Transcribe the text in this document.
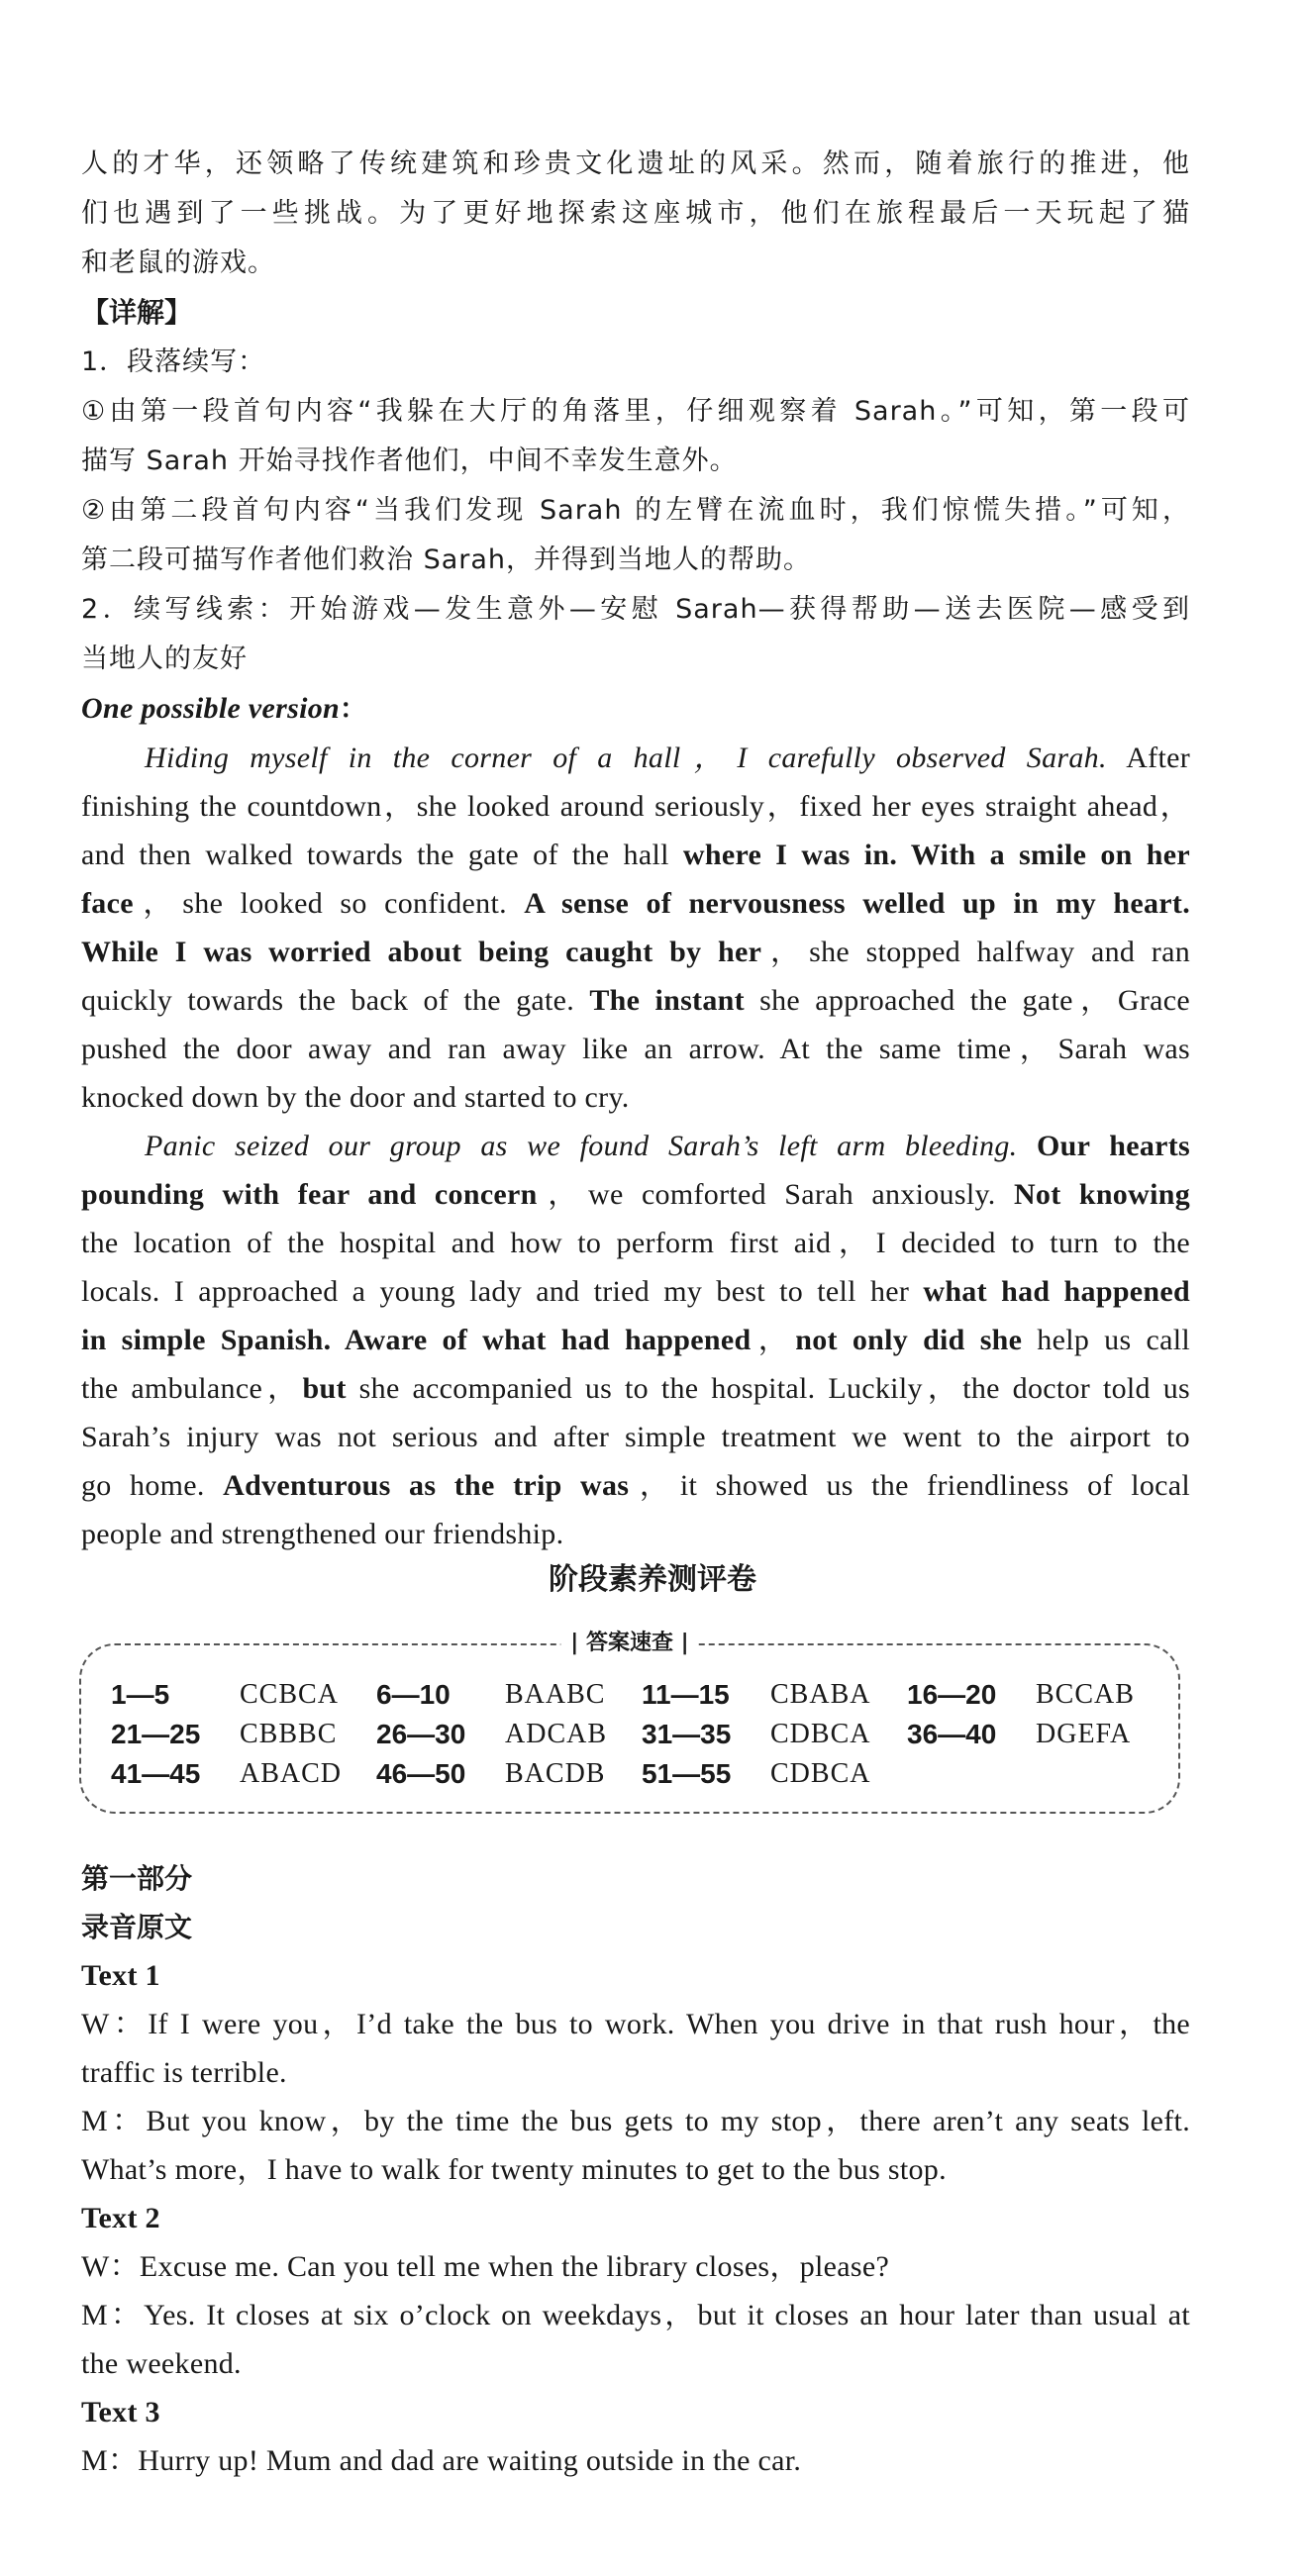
人的才华，还领略了传统建筑和珍贵文化遗址的风采。然而，随着旅行的推进，他
们也遇到了一些挑战。为了更好地探索这座城市，他们在旅程最后一天玩起了猫
和老鼠的游戏。
【详解】
1．段落续写：
①由第一段首句内容“我躲在大厅的角落里，仔细观察着 Sarah。”可知，第一段可
描写 Sarah 开始寻找作者他们，中间不幸发生意外。
②由第二段首句内容“当我们发现 Sarah 的左臂在流血时，我们惊慌失措。”可知，
第二段可描写作者他们救治 Sarah，并得到当地人的帮助。
2．续写线索：开始游戏—发生意外—安慰 Sarah—获得帮助—送去医院—感受到
当地人的友好
One possible version：
Hiding myself in the corner of a hall，I carefully observed Sarah. After
finishing the countdown，she looked around seriously，fixed her eyes straight ahead，
and then walked towards the gate of the hall where I was in. With a smile on her
face，she looked so confident. A sense of nervousness welled up in my heart.
While I was worried about being caught by her，she stopped halfway and ran
quickly towards the back of the gate. The instant she approached the gate，Grace
pushed the door away and ran away like an arrow. At the same time，Sarah was
knocked down by the door and started to cry.
Panic seized our group as we found Sarah’s left arm bleeding. Our hearts
pounding with fear and concern，we comforted Sarah anxiously. Not knowing
the location of the hospital and how to perform first aid，I decided to turn to the
locals. I approached a young lady and tried my best to tell her what had happened
in simple Spanish. Aware of what had happened，not only did she help us call
the ambulance，but she accompanied us to the hospital. Luckily，the doctor told us
Sarah’s injury was not serious and after simple treatment we went to the airport to
go home. Adventurous as the trip was，it showed us the friendliness of local
people and strengthened our friendship.
阶段素养测评卷
| 答案速查 |
1—5	CCBCA 6—10 BAABC 11—15 CBABA 16—20 BCCAB
21—25 CBBBC 26—30 ADCAB 31—35 CDBCA 36—40 DGEFA
41—45 ABACD 46—50 BACDB 51—55 CDBCA
第一部分
录音原文
Text 1
W：If I were you，I’d take the bus to work. When you drive in that rush hour，the
traffic is terrible.
M：But you know，by the time the bus gets to my stop，there aren’t any seats left.
What’s more，I have to walk for twenty minutes to get to the bus stop.
Text 2
W：Excuse me. Can you tell me when the library closes，please?
M：Yes. It closes at six o’clock on weekdays，but it closes an hour later than usual at
the weekend.
Text 3
M：Hurry up! Mum and dad are waiting outside in the car.
